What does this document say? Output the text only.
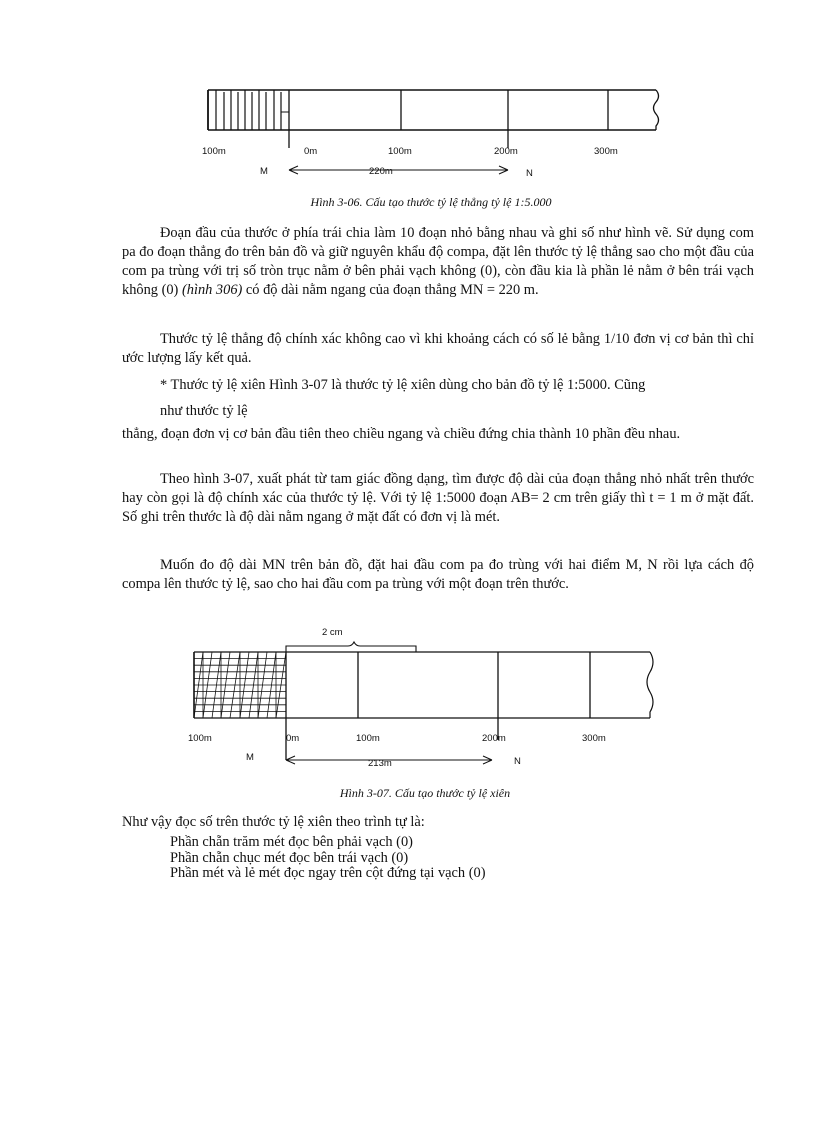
100m	0m	100m	200m	300m
M	N
220m
Hình 3-06. Cấu tạo thước tỷ lệ thẳng tỷ lệ 1:5.000

Đoạn đầu của thước ở phía trái chia làm 10 đoạn nhỏ bằng nhau và ghi số như hình vẽ. Sử dụng com pa đo đoạn thẳng đo trên bản đồ và giữ nguyên khẩu độ compa, đặt lên thước tỷ lệ thẳng sao cho một đầu của com pa trùng với trị số tròn trục nằm ở bên phải vạch không (0), còn đầu kia là phần lẻ nằm ở bên trái vạch không (0) (hình 306) có độ dài nằm ngang của đoạn thẳng MN = 220 m.

Thước tỷ lệ thẳng độ chính xác không cao vì khi khoảng cách có số lẻ bằng 1/10 đơn vị cơ bản thì chỉ ước lượng lấy kết quả.

* Thước tỷ lệ xiên Hình 3-07 là thước tỷ lệ xiên dùng cho bản đồ tỷ lệ 1:5000. Cũng

như thước tỷ lệ

thẳng, đoạn đơn vị cơ bản đầu tiên theo chiều ngang và chiều đứng chia thành 10 phần đều nhau.

Theo hình 3-07, xuất phát từ tam giác đồng dạng, tìm được độ dài của đoạn thẳng nhỏ nhất trên thước hay còn gọi là độ chính xác của thước tỷ lệ. Với tỷ lệ 1:5000 đoạn AB= 2 cm trên giấy thì t = 1 m ở mặt đất. Số ghi trên thước là độ dài nằm ngang ở mặt đất có đơn vị là mét.

Muốn đo độ dài MN trên bản đồ, đặt hai đầu com pa đo trùng với hai điểm M, N rồi lựa cách độ compa lên thước tỷ lệ, sao cho hai đầu com pa trùng với một đoạn trên thước.

2 cm
100m	0m	100m	200m	300m
M	N
213m
Hình 3-07. Cấu tạo thước tỷ lệ xiên

Như vậy đọc số trên thước tỷ lệ xiên theo trình tự là:

Phần chẵn trăm mét đọc bên phải vạch (0)
Phần chẵn chục mét đọc bên trái vạch (0)
Phần mét và lẻ mét đọc ngay trên cột đứng tại vạch (0)
